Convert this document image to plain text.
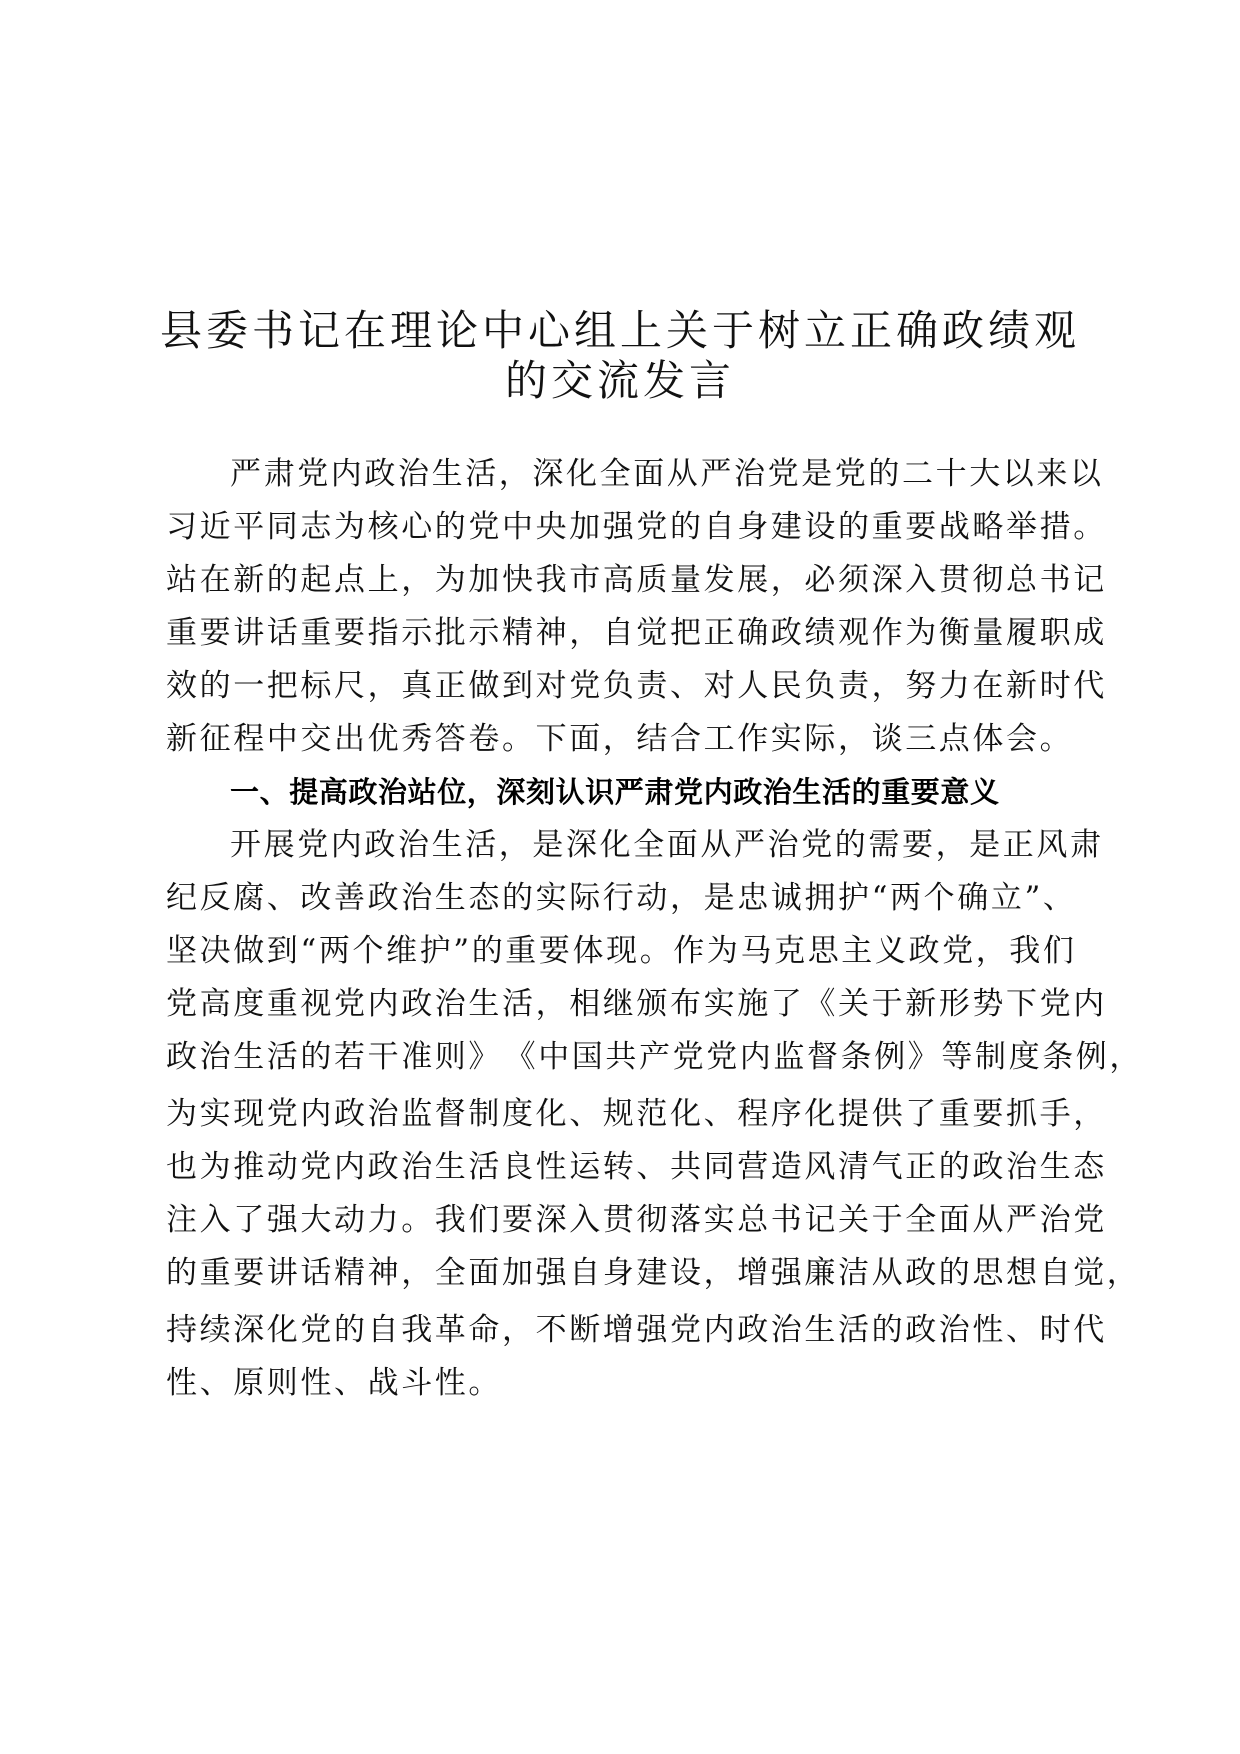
县委书记在理论中心组上关于树立正确政绩观
的交流发言
严肃党内政治生活，深化全面从严治党是党的二十大以来以
习近平同志为核心的党中央加强党的自身建设的重要战略举措。
站在新的起点上，为加快我市高质量发展，必须深入贯彻总书记
重要讲话重要指示批示精神，自觉把正确政绩观作为衡量履职成
效的一把标尺，真正做到对党负责、对人民负责，努力在新时代
新征程中交出优秀答卷。下面，结合工作实际，谈三点体会。
一、提高政治站位，深刻认识严肃党内政治生活的重要意义
开展党内政治生活，是深化全面从严治党的需要，是正风肃
纪反腐、改善政治生态的实际行动，是忠诚拥护“两个确立”、
坚决做到“两个维护”的重要体现。作为马克思主义政党，我们
党高度重视党内政治生活，相继颁布实施了《关于新形势下党内
政治生活的若干准则》　《中国共产党党内监督条例》等制度条例，
为实现党内政治监督制度化、规范化、程序化提供了重要抓手，
也为推动党内政治生活良性运转、共同营造风清气正的政治生态
注入了强大动力。我们要深入贯彻落实总书记关于全面从严治党
的重要讲话精神，全面加强自身建设，增强廉洁从政的思想自觉，
持续深化党的自我革命，不断增强党内政治生活的政治性、时代
性、原则性、战斗性。
